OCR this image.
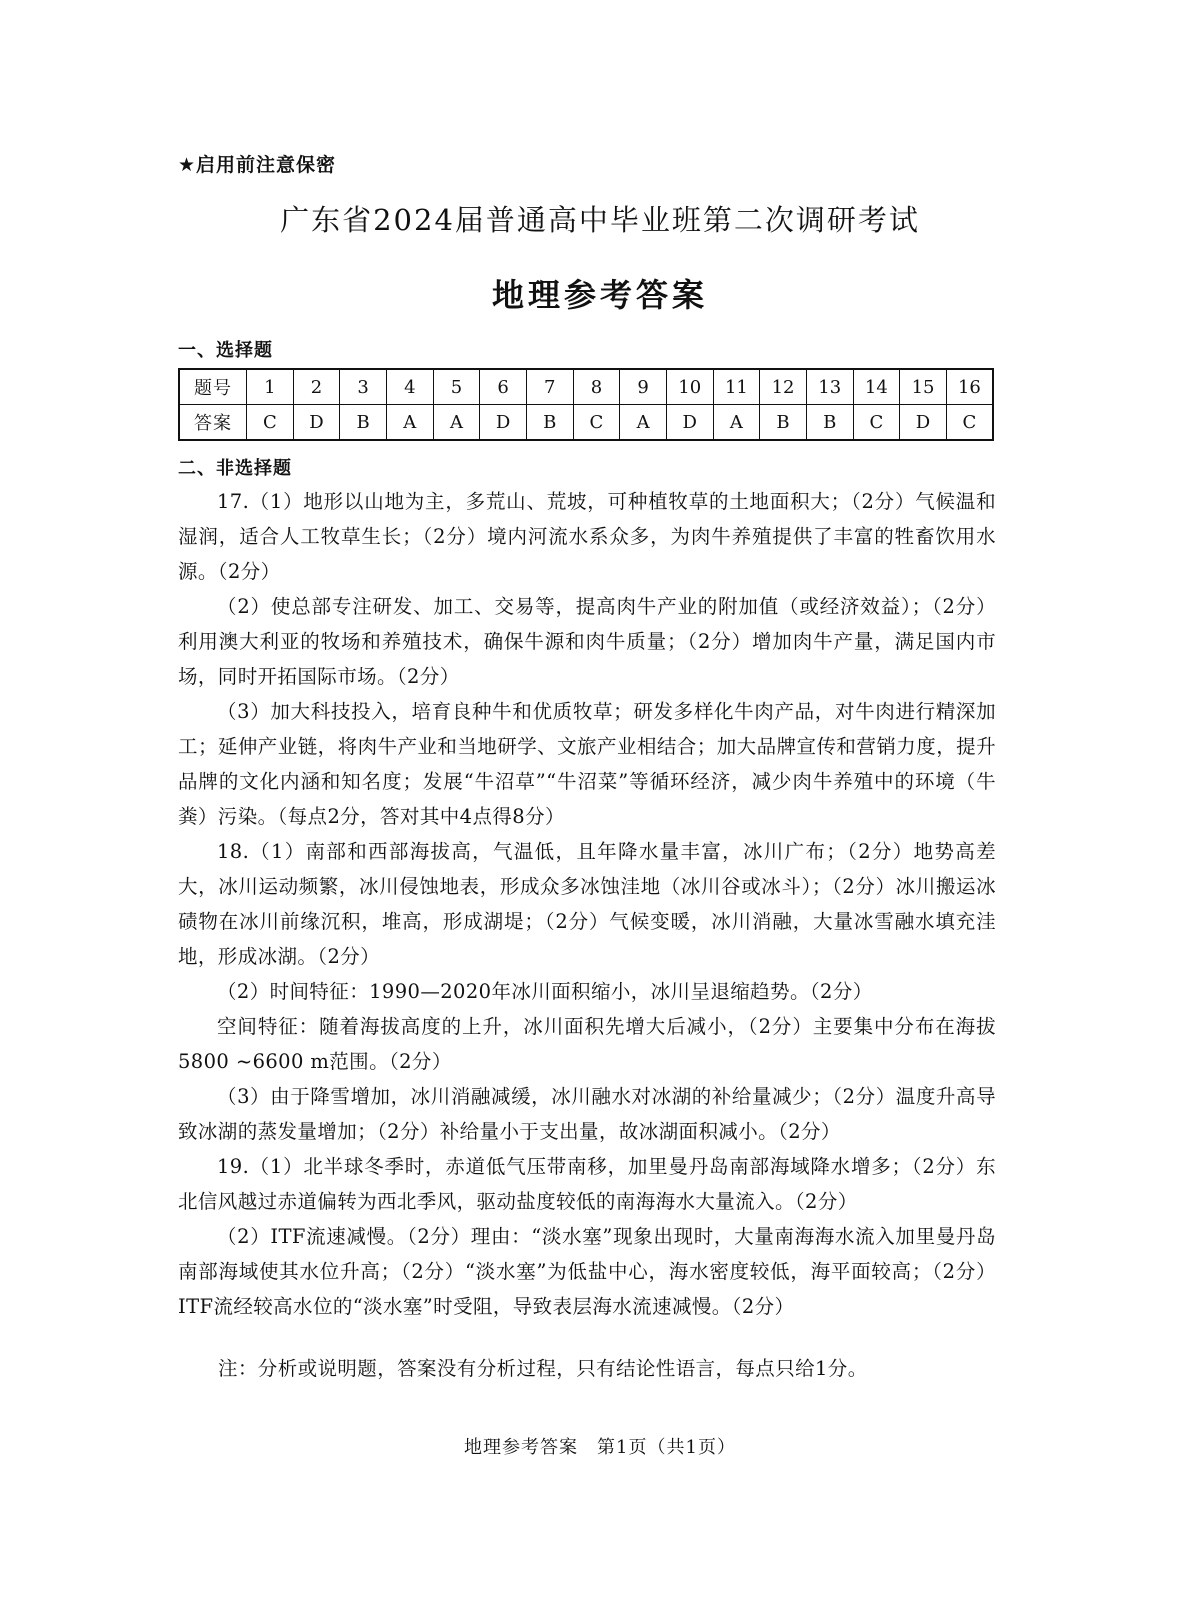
★启用前注意保密
广东省2024届普通高中毕业班第二次调研考试
地理参考答案
一、选择题
题号	1	2	3	4	5	6	7	8	9	10	11	12	13	14	15	16
答案	C	D	B	A	A	D	B	C	A	D	A	B	B	C	D	C
二、非选择题

17.（1）地形以山地为主，多荒山、荒坡，可种植牧草的土地面积大；（2分）气候温和湿润，适合人工牧草生长；（2分）境内河流水系众多，为肉牛养殖提供了丰富的牲畜饮用水源。（2分）

（2）使总部专注研发、加工、交易等，提高肉牛产业的附加值（或经济效益）；（2分）利用澳大利亚的牧场和养殖技术，确保牛源和肉牛质量；（2分）增加肉牛产量，满足国内市场，同时开拓国际市场。（2分）

（3）加大科技投入，培育良种牛和优质牧草；研发多样化牛肉产品，对牛肉进行精深加工；延伸产业链，将肉牛产业和当地研学、文旅产业相结合；加大品牌宣传和营销力度，提升品牌的文化内涵和知名度；发展“牛沼草”“牛沼菜”等循环经济，减少肉牛养殖中的环境（牛粪）污染。（每点2分，答对其中4点得8分）

18.（1）南部和西部海拔高，气温低，且年降水量丰富，冰川广布；（2分）地势高差大，冰川运动频繁，冰川侵蚀地表，形成众多冰蚀洼地（冰川谷或冰斗）；（2分）冰川搬运冰碛物在冰川前缘沉积，堆高，形成湖堤；（2分）气候变暖，冰川消融，大量冰雪融水填充洼地，形成冰湖。（2分）

（2）时间特征：1990—2020年冰川面积缩小，冰川呈退缩趋势。（2分）

空间特征：随着海拔高度的上升，冰川面积先增大后减小，（2分）主要集中分布在海拔5800 ~6600 m范围。（2分）

（3）由于降雪增加，冰川消融减缓，冰川融水对冰湖的补给量减少；（2分）温度升高导致冰湖的蒸发量增加；（2分）补给量小于支出量，故冰湖面积减小。（2分）

19.（1）北半球冬季时，赤道低气压带南移，加里曼丹岛南部海域降水增多；（2分）东北信风越过赤道偏转为西北季风，驱动盐度较低的南海海水大量流入。（2分）

（2）ITF流速减慢。（2分）理由：“淡水塞”现象出现时，大量南海海水流入加里曼丹岛南部海域使其水位升高；（2分）“淡水塞”为低盐中心，海水密度较低，海平面较高；（2分）ITF流经较高水位的“淡水塞”时受阻，导致表层海水流速减慢。（2分）

注：分析或说明题，答案没有分析过程，只有结论性语言，每点只给1分。
地理参考答案　第1页（共1页）
